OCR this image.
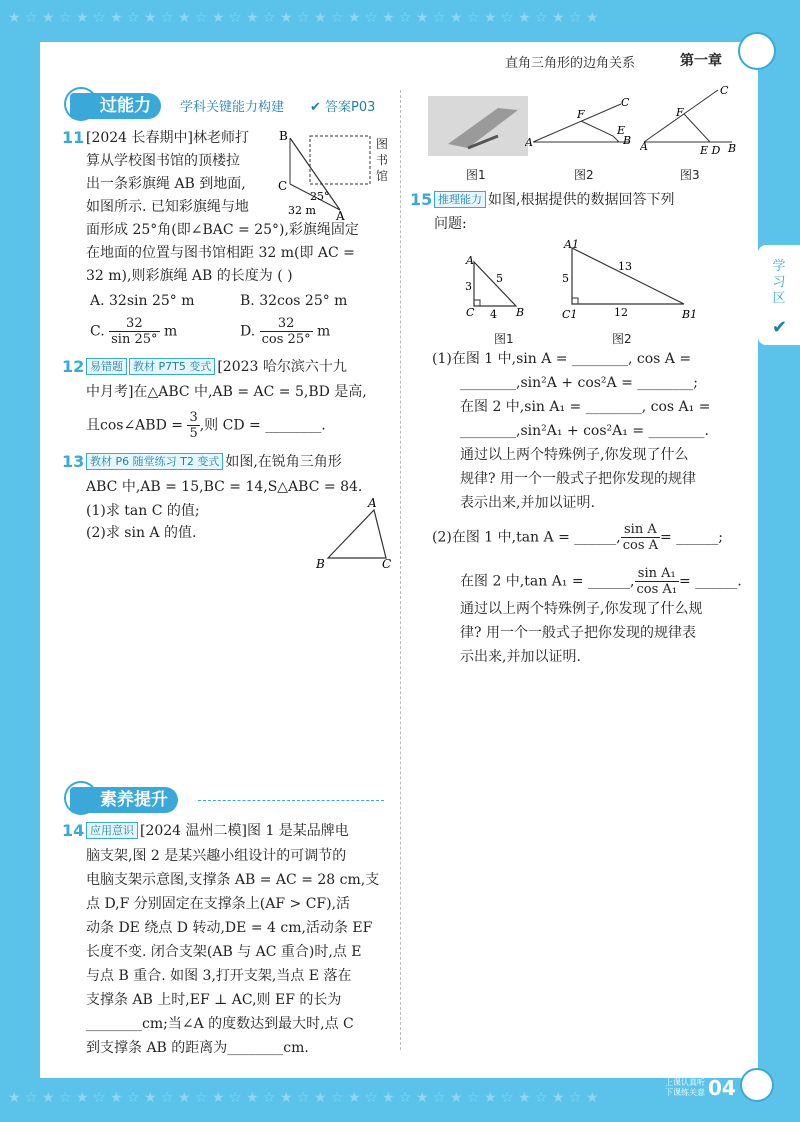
★ ☆ ★ ☆ ★ ☆ ★ ☆ ★ ☆ ★ ☆ ★ ☆ ★ ☆ ★ ☆ ★ ☆ ★ ☆ ★ ☆ ★ ☆ ★ ☆ ★ ☆ ★ ☆ ★ ☆ ★
★ ☆ ★ ☆ ★ ☆ ★ ☆ ★ ☆ ★ ☆ ★ ☆ ★ ☆ ★ ☆ ★ ☆ ★ ☆ ★ ☆ ★ ☆ ★ ☆ ★ ☆ ★ ☆ ★ ☆ ★
直角三角形的边角关系	第一章
学习区
✔
过能力	学科关键能力构建 ✔ 答案P03
11 [2024 长春期中]林老师打
算从学校图书馆的顶楼拉
出一条彩旗绳 AB 到地面,
如图所示. 已知彩旗绳与地
面形成 25°角(即∠BAC = 25°),彩旗绳固定
在地面的位置与图书馆相距 32 m(即 AC =
32 m),则彩旗绳 AB 的长度为 ( )
A. 32sin 25° m	B. 32cos 25° m
C. $\frac{32}{\sin 25^\circ}$ m	D. $\frac{32}{\cos 25^\circ}$ m
B
C
A
25°
32 m
图书馆
12 易错题 教材 P7T5 变式 [2023 哈尔滨六十九
中月考]在△ABC 中,AB = AC = 5,BD 是高,
且cos∠ABD = $\frac{3}{5}$ ,则 CD = ________.
13 教材 P6 随堂练习 T2 变式 如图,在锐角三角形
ABC 中,AB = 15,BC = 14,S△ABC = 84.
(1)求 tan C 的值;
(2)求 sin A 的值.
A
B	C
素养提升
14 应用意识 [2024 温州二模]图 1 是某品牌电
脑支架,图 2 是某兴趣小组设计的可调节的
电脑支架示意图,支撑条 AB = AC = 28 cm,支
点 D,F 分别固定在支撑条上(AF > CF),活
动条 DE 绕点 D 转动,DE = 4 cm,活动条 EF
长度不变. 闭合支架(AB 与 AC 重合)时,点 E
与点 B 重合. 如图 3,打开支架,当点 E 落在
支撑条 AB 上时,EF ⊥ AC,则 EF 的长为
________cm;当∠A 的度数达到最大时,点 C
到支撑条 AB 的距离为________cm.
图1
A
C
F
E
B
图2
A
C
F
E D B
图3
15 推理能力 如图,根据提供的数据回答下列
问题:
A
C	B
3
4
5
图1
A1
C1	B1
5
12
13
图2
(1)在图 1 中,sin A = ________, cos A =
________,sin²A + cos²A = ________;
在图 2 中,sin A₁ = ________, cos A₁ =
________,sin²A₁ + cos²A₁ = ________.
通过以上两个特殊例子,你发现了什么
规律? 用一个一般式子把你发现的规律
表示出来,并加以证明.
(2)在图 1 中,tan A = ______, $\frac{\text{sin A}}{\text{cos A}}$ = ______;
在图 2 中,tan A₁ = ______, $\frac{\text{sin A₁}}{\text{cos A₁}}$ = ______.
通过以上两个特殊例子,你发现了什么规
律? 用一个一般式子把你发现的规律表
示出来,并加以证明.
上课认真听
下课练关意 04
